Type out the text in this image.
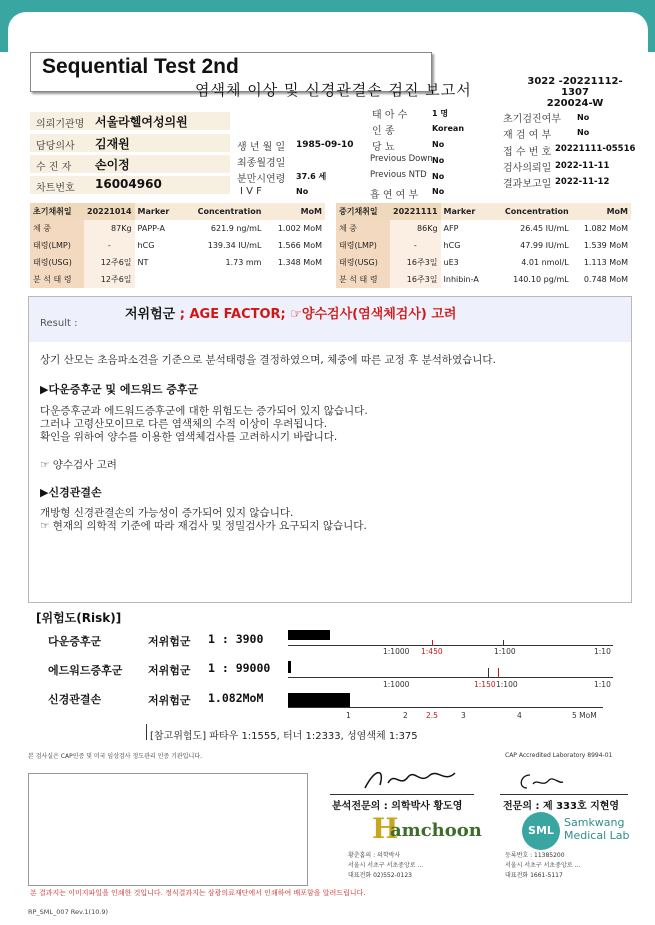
SML
Sequential Test 2nd
염색체 이상 및 신경관결손 검진 보고서	3022 -20221112-1307
220024-W
의뢰기관명 서울라헬여성의원
담당의사 김재원
수 진 자 손이정
차트번호 16004960
생 년 월 일 1985-09-10
최종월경일
분만시연령 37.6 세
I V F	No
태 아 수	1 명
인 종	Korean
당 뇨	No
Previous Down No
Previous NTD No
흡 연 여 부 No
초기검진여부 No
재 검 여 부	No
접 수 번 호 20221111-05516
검사의뢰일 2022-11-11
결과보고일 2022-11-12
초기채취일	20221014	Marker	Concentration	MoM
체 중	87Kg	PAPP-A	621.9 ng/mL	1.002 MoM
태령(LMP)	-	hCG	139.34 IU/mL	1.566 MoM
태령(USG)	12주6일	NT	1.73 mm	1.348 MoM
분 석 태 령	12주6일			
중기채취일	20221111	Marker	Concentration	MoM
체 중	86Kg	AFP	26.45 IU/mL	1.082 MoM
태령(LMP)	-	hCG	47.99 IU/mL	1.539 MoM
태령(USG)	16주3일	uE3	4.01 nmol/L	1.113 MoM
분 석 태 령	16주3일	Inhibin-A	140.10 pg/mL	0.748 MoM
Result :
저위험군 ; AGE FACTOR; ☞양수검사(염색체검사) 고려
상기 산모는 초음파소견을 기준으로 분석태령을 결정하였으며, 체중에 따른 교정 후 분석하였습니다.
▶다운증후군 및 에드워드 증후군
다운증후군과 에드워드증후군에 대한 위험도는 증가되어 있지 않습니다.
그러나 고령산모이므로 다른 염색체의 수적 이상이 우려됩니다.
확인을 위하여 양수를 이용한 염색체검사를 고려하시기 바랍니다.
☞ 양수검사 고려
▶신경관결손
개방형 신경관결손의 가능성이 증가되어 있지 않습니다.
☞ 현재의 의학적 기준에 따라 재검사 및 정밀검사가 요구되지 않습니다.
[위험도(Risk)]
다운증후군	저위험군 1 : 3900
1:1000 1:450	1:100	1:10
에드워드증후군 저위험군 1 : 99000
1:1000	1:150 1:100	1:10
신경관결손	저위험군 1.082MoM
1	2 2.5	3	4	5 MoM
[참고위험도] 파타우 1:1555, 터너 1:2333, 성염색체 1:375
본 검사실은 CAP인증 및 미국 임상검사 정도관리 인증 기관입니다.	CAP Accredited Laboratory 8994-01
분석전문의 : 의학박사 황도영
H
amchoon
황춘홈의 : 의학박사
서울시 서초구 서초중앙로 ...
대표전화 02)552-0123
전문의 : 제 333호 지현영
SML
Samkwang
Medical Lab
등록번호 : 11385200
서울시 서초구 서초중앙로 ...
대표전화 1661-5117
본 결과지는 이미지파일을 인쇄한 것입니다. 정식결과지는 삼광의료재단에서 인쇄하여 배포함을 알려드립니다.
RP_SML_007 Rev.1(10.9)
